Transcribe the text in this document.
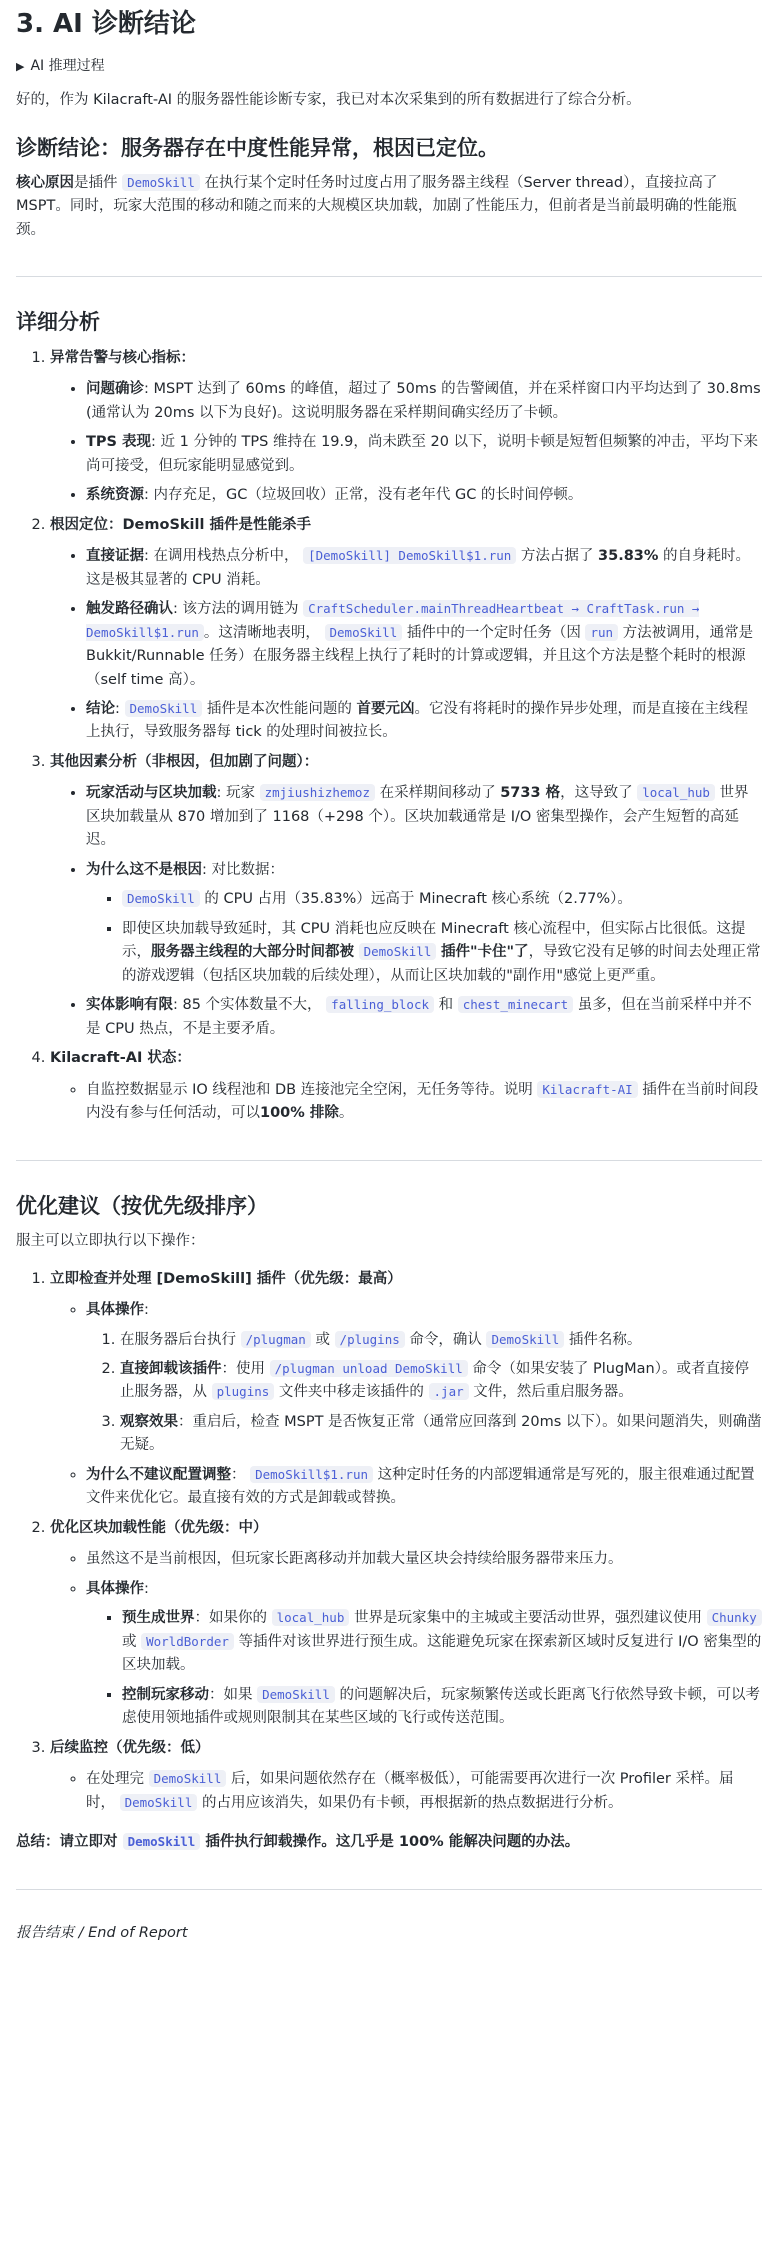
3. AI 诊断结论
▶ AI 推理过程

好的，作为 Kilacraft-AI 的服务器性能诊断专家，我已对本次采集到的所有数据进行了综合分析。

诊断结论：服务器存在中度性能异常，根因已定位。

核心原因是插件 DemoSkill 在执行某个定时任务时过度占用了服务器主线程（Server thread），直接拉高了 MSPT。同时，玩家大范围的移动和随之而来的大规模区块加载，加剧了性能压力，但前者是当前最明确的性能瓶颈。

详细分析
1. 异常告警与核心指标：
• 问题确诊: MSPT 达到了 60ms 的峰值，超过了 50ms 的告警阈值，并在采样窗口内平均达到了 30.8ms (通常认为 20ms 以下为良好)。这说明服务器在采样期间确实经历了卡顿。
• TPS 表现: 近 1 分钟的 TPS 维持在 19.9，尚未跌至 20 以下，说明卡顿是短暂但频繁的冲击，平均下来尚可接受，但玩家能明显感觉到。
• 系统资源: 内存充足，GC（垃圾回收）正常，没有老年代 GC 的长时间停顿。
2. 根因定位：DemoSkill 插件是性能杀手
• 直接证据: 在调用栈热点分析中， [DemoSkill] DemoSkill$1.run 方法占据了 35.83% 的自身耗时。这是极其显著的 CPU 消耗。
• 触发路径确认: 该方法的调用链为 CraftScheduler.mainThreadHeartbeat → CraftTask.run → DemoSkill$1.run 。这清晰地表明， DemoSkill 插件中的一个定时任务（因 run 方法被调用，通常是 Bukkit/Runnable 任务）在服务器主线程上执行了耗时的计算或逻辑，并且这个方法是整个耗时的根源（self time 高）。
• 结论: DemoSkill 插件是本次性能问题的 首要元凶。它没有将耗时的操作异步处理，而是直接在主线程上执行，导致服务器每 tick 的处理时间被拉长。
3. 其他因素分析（非根因，但加剧了问题）：
• 玩家活动与区块加载: 玩家 zmjiushizhemoz 在采样期间移动了 5733 格，这导致了 local_hub 世界区块加载量从 870 增加到了 1168（+298 个）。区块加载通常是 I/O 密集型操作，会产生短暂的高延迟。
• 为什么这不是根因: 对比数据：
▪ DemoSkill 的 CPU 占用（35.83%）远高于 Minecraft 核心系统（2.77%）。
▪ 即使区块加载导致延时，其 CPU 消耗也应反映在 Minecraft 核心流程中，但实际占比很低。这提示，服务器主线程的大部分时间都被 DemoSkill 插件"卡住"了，导致它没有足够的时间去处理正常的游戏逻辑（包括区块加载的后续处理），从而让区块加载的"副作用"感觉上更严重。
• 实体影响有限: 85 个实体数量不大， falling_block 和 chest_minecart 虽多，但在当前采样中并不是 CPU 热点，不是主要矛盾。
4. Kilacraft-AI 状态：
◦ 自监控数据显示 IO 线程池和 DB 连接池完全空闲，无任务等待。说明 Kilacraft-AI 插件在当前时间段内没有参与任何活动，可以100% 排除。
优化建议（按优先级排序）

服主可以立即执行以下操作：

1. 立即检查并处理 [DemoSkill] 插件（优先级：最高）
◦ 具体操作:
1. 在服务器后台执行 /plugman 或 /plugins 命令，确认 DemoSkill 插件名称。
2. 直接卸载该插件：使用 /plugman unload DemoSkill 命令（如果安装了 PlugMan）。或者直接停止服务器，从 plugins 文件夹中移走该插件的 .jar 文件，然后重启服务器。
3. 观察效果：重启后，检查 MSPT 是否恢复正常（通常应回落到 20ms 以下）。如果问题消失，则确凿无疑。
◦ 为什么不建议配置调整： DemoSkill$1.run 这种定时任务的内部逻辑通常是写死的，服主很难通过配置文件来优化它。最直接有效的方式是卸载或替换。
2. 优化区块加载性能（优先级：中）
◦ 虽然这不是当前根因，但玩家长距离移动并加载大量区块会持续给服务器带来压力。
◦ 具体操作:
▪ 预生成世界：如果你的 local_hub 世界是玩家集中的主城或主要活动世界，强烈建议使用 Chunky 或 WorldBorder 等插件对该世界进行预生成。这能避免玩家在探索新区域时反复进行 I/O 密集型的区块加载。
▪ 控制玩家移动：如果 DemoSkill 的问题解决后，玩家频繁传送或长距离飞行依然导致卡顿，可以考虑使用领地插件或规则限制其在某些区域的飞行或传送范围。
3. 后续监控（优先级：低）
◦ 在处理完 DemoSkill 后，如果问题依然存在（概率极低），可能需要再次进行一次 Profiler 采样。届时， DemoSkill 的占用应该消失，如果仍有卡顿，再根据新的热点数据进行分析。

总结：请立即对 DemoSkill 插件执行卸载操作。这几乎是 100% 能解决问题的办法。

报告结束 / End of Report
